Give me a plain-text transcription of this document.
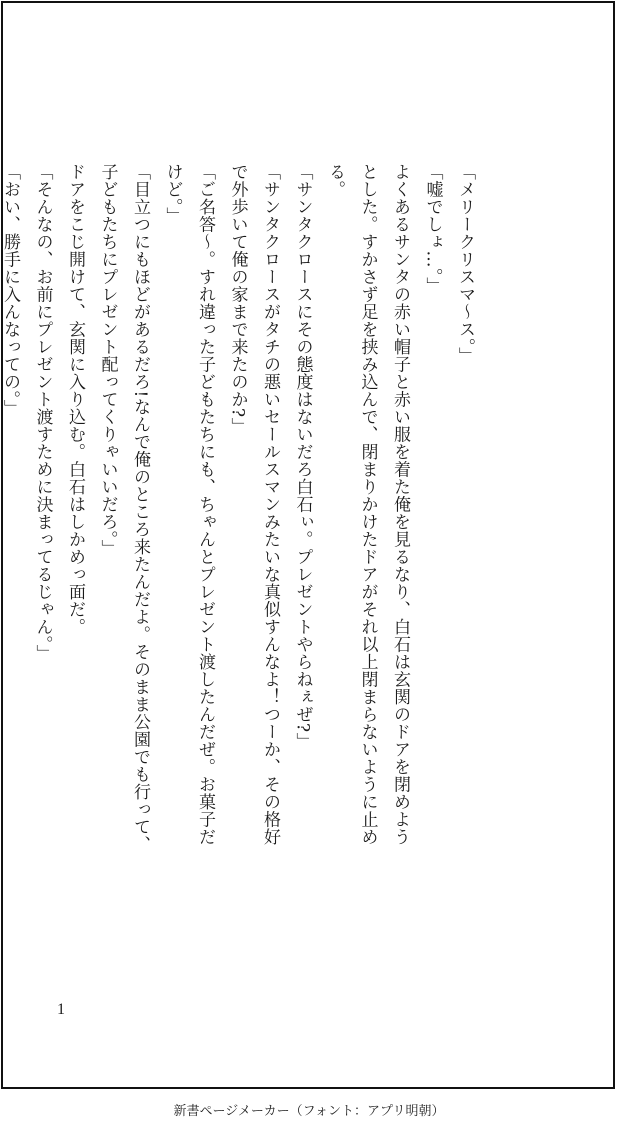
「メリークリスマ～ス。」
「嘘でしょ…。」
よくあるサンタの赤い帽子と赤い服を着た俺を見るなり、白石は玄関のドアを閉めよう
とした。すかさず足を挟み込んで、閉まりかけたドアがそれ以上閉まらないように止め
る。
「サンタクロースにその態度はないだろ白石ぃ。プレゼントやらねぇぜ?」
「サンタクロースがタチの悪いセールスマンみたいな真似すんなよ！つーか、その格好
で外歩いて俺の家まで来たのか?」
「ご名答～。すれ違った子どもたちにも、ちゃんとプレゼント渡したんだぜ。お菓子だ
けど。」
「目立つにもほどがあるだろ!なんで俺のところ来たんだよ。そのまま公園でも行って、
子どもたちにプレゼント配ってくりゃいいだろ。」
ドアをこじ開けて、玄関に入り込む。白石はしかめっ面だ。
「そんなの、お前にプレゼント渡すために決まってるじゃん。」
「おい、勝手に入んなっての。」
1
新書ページメーカー（フォント：アプリ明朝）
